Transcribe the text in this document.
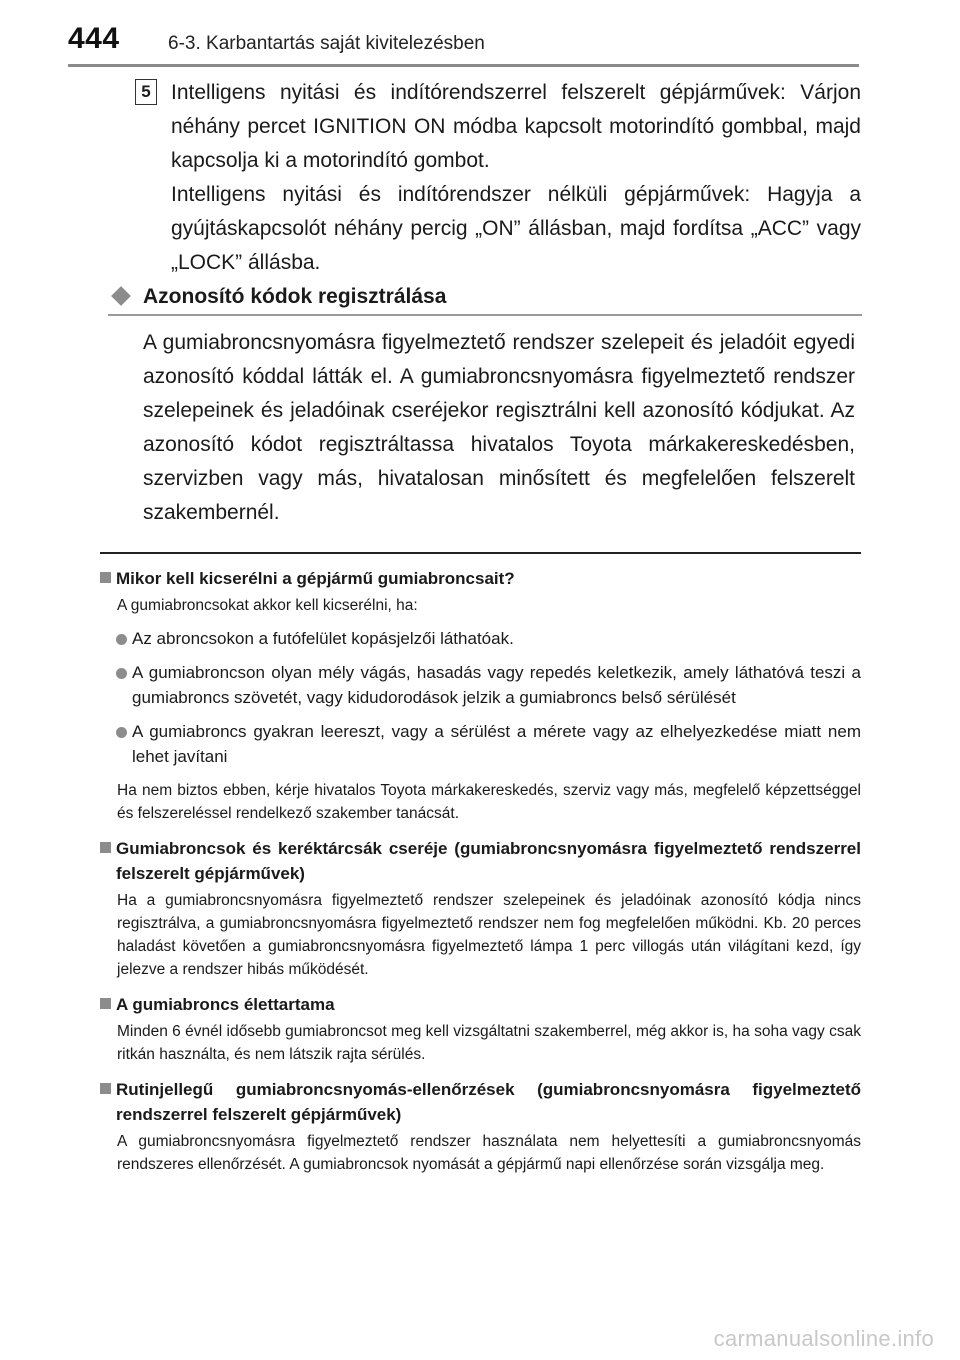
444	6-3. Karbantartás saját kivitelezésben
5 Intelligens nyitási és indítórendszerrel felszerelt gépjárművek: Várjon néhány percet IGNITION ON módba kapcsolt motorindító gombbal, majd kapcsolja ki a motorindító gombot.

Intelligens nyitási és indítórendszer nélküli gépjárművek: Hagyja a gyújtáskapcsolót néhány percig „ON” állásban, majd fordítsa „ACC” vagy „LOCK” állásba.

Azonosító kódok regisztrálása

A gumiabroncsnyomásra figyelmeztető rendszer szelepeit és jeladóit egyedi azonosító kóddal látták el. A gumiabroncsnyomásra figyelmeztető rendszer szelepeinek és jeladóinak cseréjekor regisztrálni kell azonosító kódjukat. Az azonosító kódot regisztráltassa hivatalos Toyota márkakereskedésben, szervizben vagy más, hivatalosan minősített és megfelelően felszerelt szakembernél.

Mikor kell kicserélni a gépjármű gumiabroncsait?
A gumiabroncsokat akkor kell kicserélni, ha:
Az abroncsokon a futófelület kopásjelzői láthatóak.
A gumiabroncson olyan mély vágás, hasadás vagy repedés keletkezik, amely láthatóvá teszi a gumiabroncs szövetét, vagy kidudorodások jelzik a gumiabroncs belső sérülését
A gumiabroncs gyakran leereszt, vagy a sérülést a mérete vagy az elhelyezkedése miatt nem lehet javítani
Ha nem biztos ebben, kérje hivatalos Toyota márkakereskedés, szerviz vagy más, megfelelő képzettséggel és felszereléssel rendelkező szakember tanácsát.
Gumiabroncsok és keréktárcsák cseréje (gumiabroncsnyomásra figyelmeztető rendszerrel felszerelt gépjárművek)
Ha a gumiabroncsnyomásra figyelmeztető rendszer szelepeinek és jeladóinak azonosító kódja nincs regisztrálva, a gumiabroncsnyomásra figyelmeztető rendszer nem fog megfelelően működni. Kb. 20 perces haladást követően a gumiabroncsnyomásra figyelmeztető lámpa 1 perc villogás után világítani kezd, így jelezve a rendszer hibás működését.
A gumiabroncs élettartama
Minden 6 évnél idősebb gumiabroncsot meg kell vizsgáltatni szakemberrel, még akkor is, ha soha vagy csak ritkán használta, és nem látszik rajta sérülés.
Rutinjellegű gumiabroncsnyomás-ellenőrzések (gumiabroncsnyomásra figyelmeztető rendszerrel felszerelt gépjárművek)
A gumiabroncsnyomásra figyelmeztető rendszer használata nem helyettesíti a gumiabroncsnyomás rendszeres ellenőrzését. A gumiabroncsok nyomását a gépjármű napi ellenőrzése során vizsgálja meg.
carmanualsonline.info
